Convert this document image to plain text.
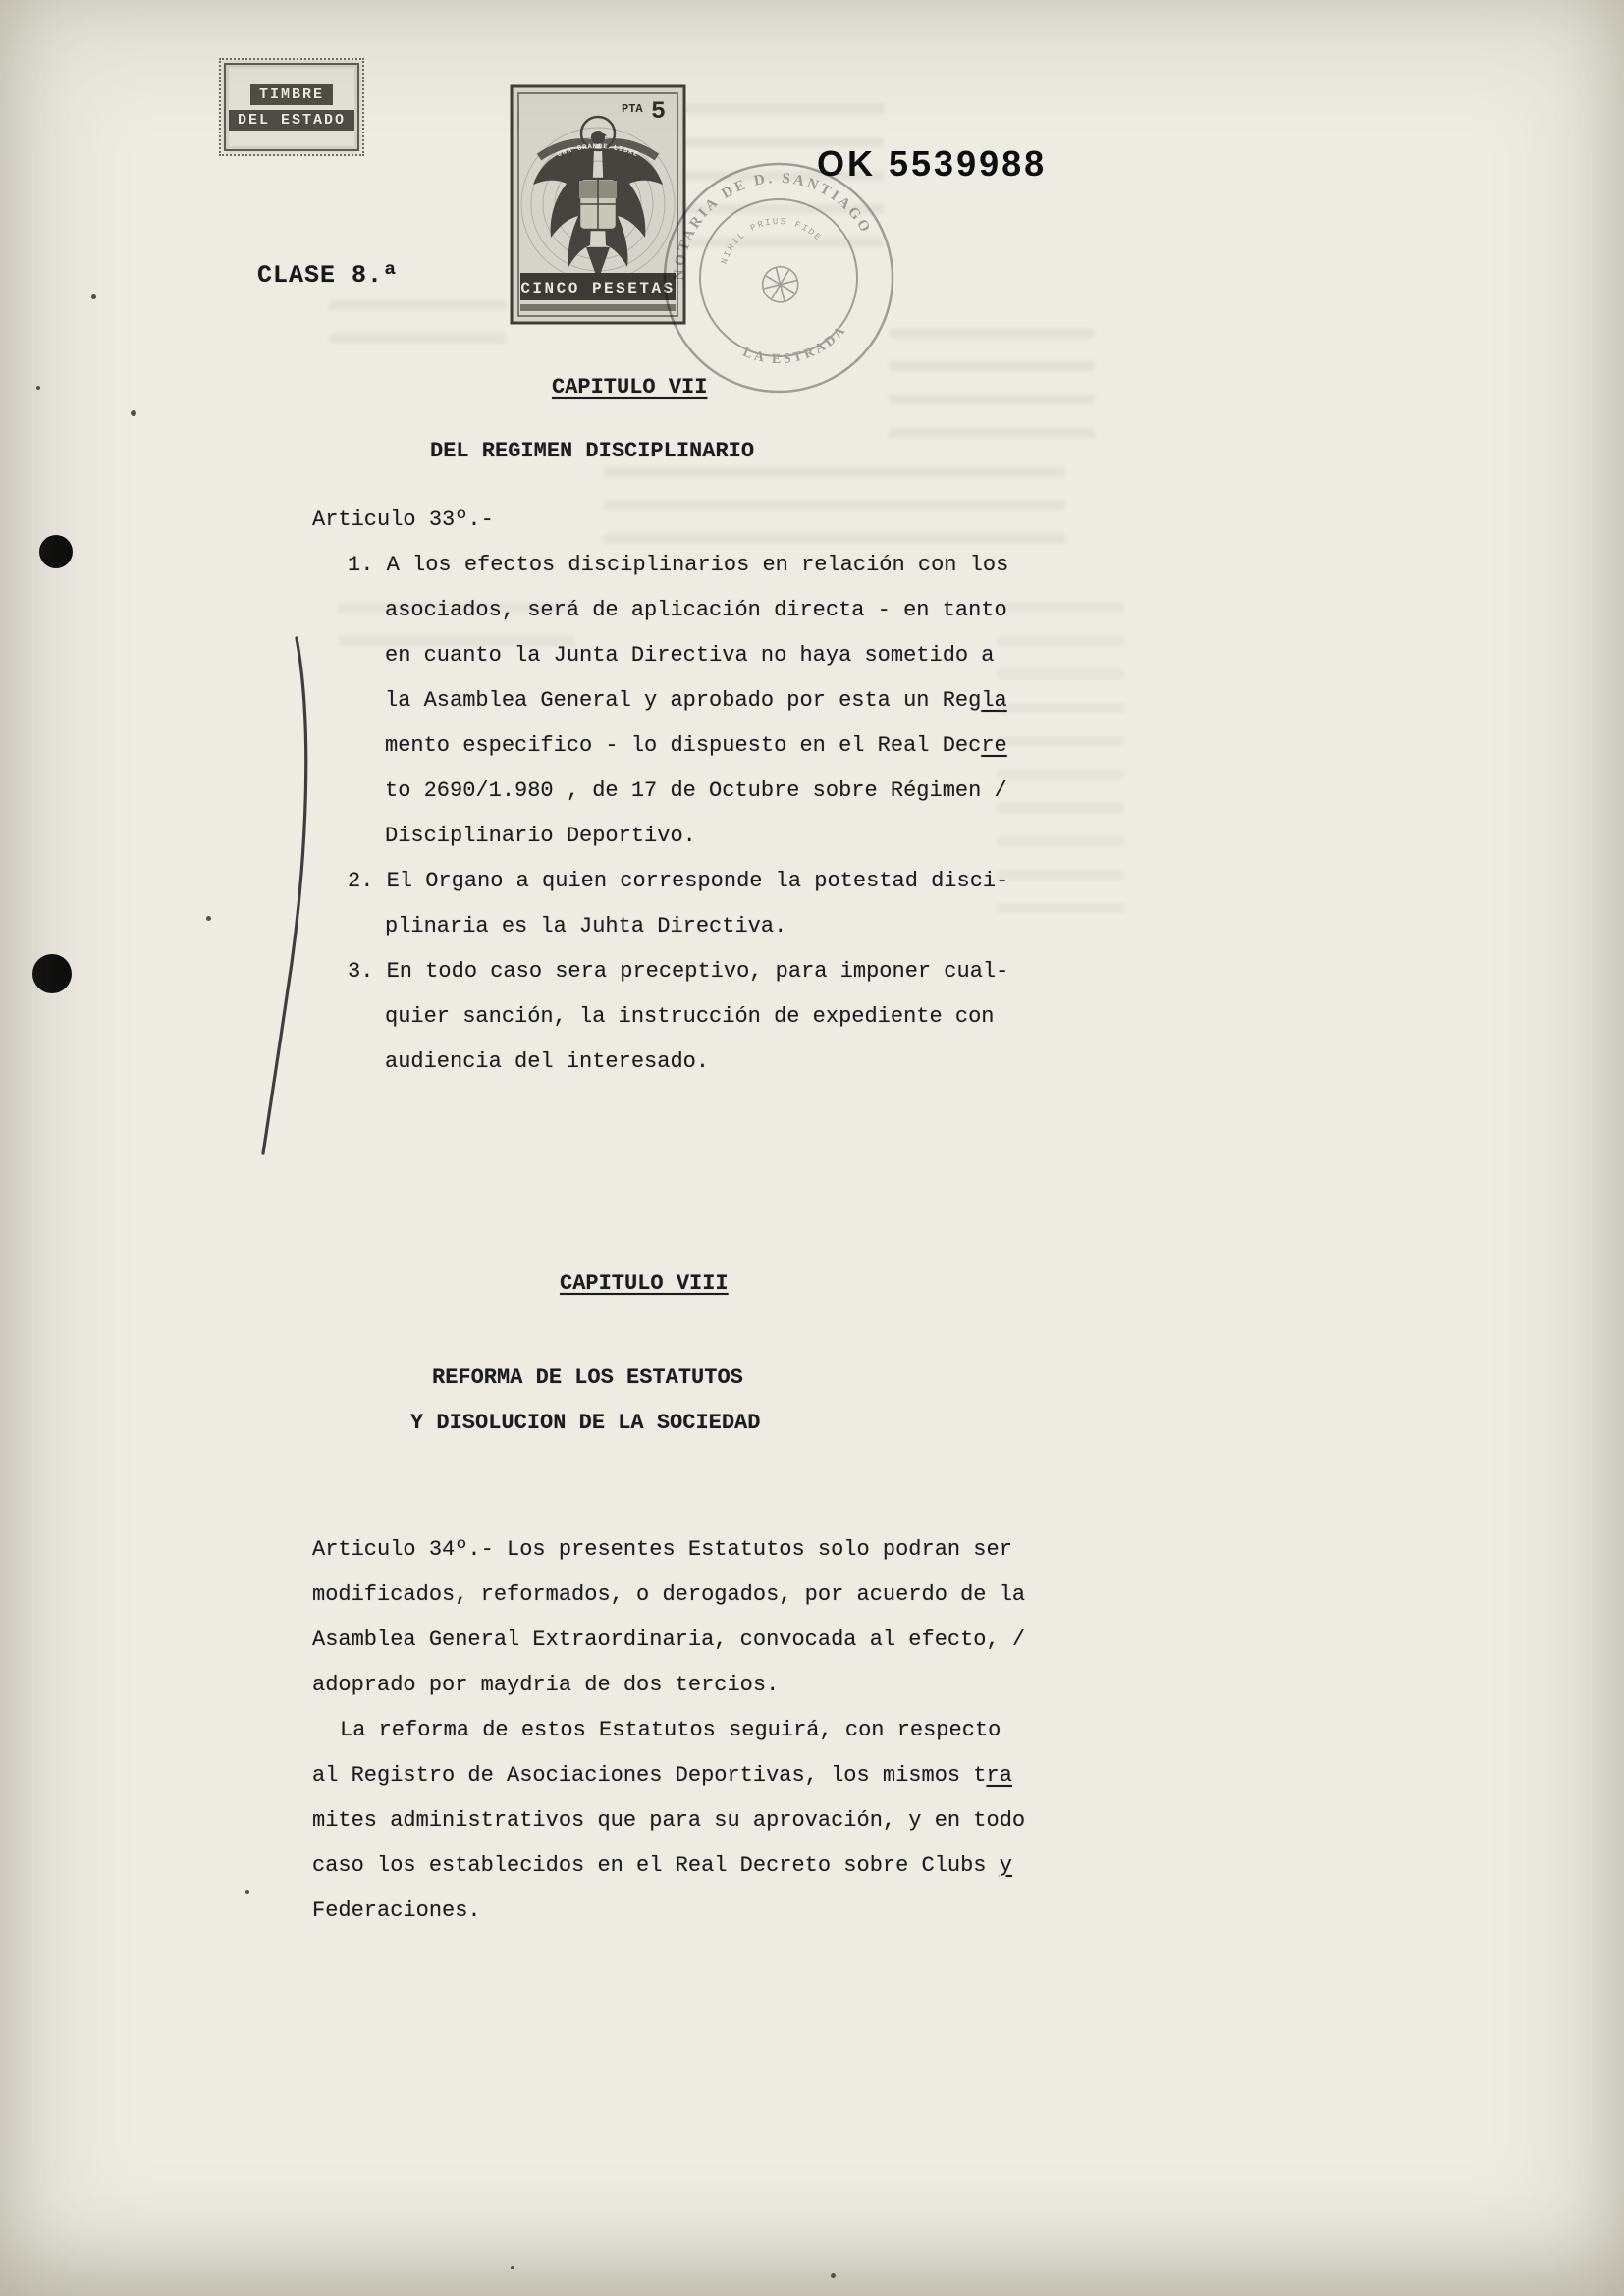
TIMBRE
DEL ESTADO
CLASE 8.ª
OK 5539988
UNA GRANDE LIBRE
PTA 5
CINCO PESETAS
NOTARIA DE D. SANTIAGO
LA ESTRADA
NIHIL PRIUS FIDE
CAPITULO VII
DEL REGIMEN DISCIPLINARIO
Articulo 33º.-
1. A los efectos disciplinarios en relación con los
asociados, será de aplicación directa - en tanto
en cuanto la Junta Directiva no haya sometido a
la Asamblea General y aprobado por esta un Regla
mento especifico - lo dispuesto en el Real Decre
to 2690/1.980 , de 17 de Octubre sobre Régimen /
Disciplinario Deportivo.
2. El Organo a quien corresponde la potestad disci-
plinaria es la Juhta Directiva.
3. En todo caso sera preceptivo, para imponer cual-
quier sanción, la instrucción de expediente con
audiencia del interesado.
CAPITULO VIII
REFORMA DE LOS ESTATUTOS
Y DISOLUCION DE LA SOCIEDAD
Articulo 34º.- Los presentes Estatutos solo podran ser
modificados, reformados, o derogados, por acuerdo de la
Asamblea General Extraordinaria, convocada al efecto, /
adoprado por maydria de dos tercios.
La reforma de estos Estatutos seguirá, con respecto
al Registro de Asociaciones Deportivas, los mismos tra
mites administrativos que para su aprovación, y en todo
caso los establecidos en el Real Decreto sobre Clubs y
Federaciones.
